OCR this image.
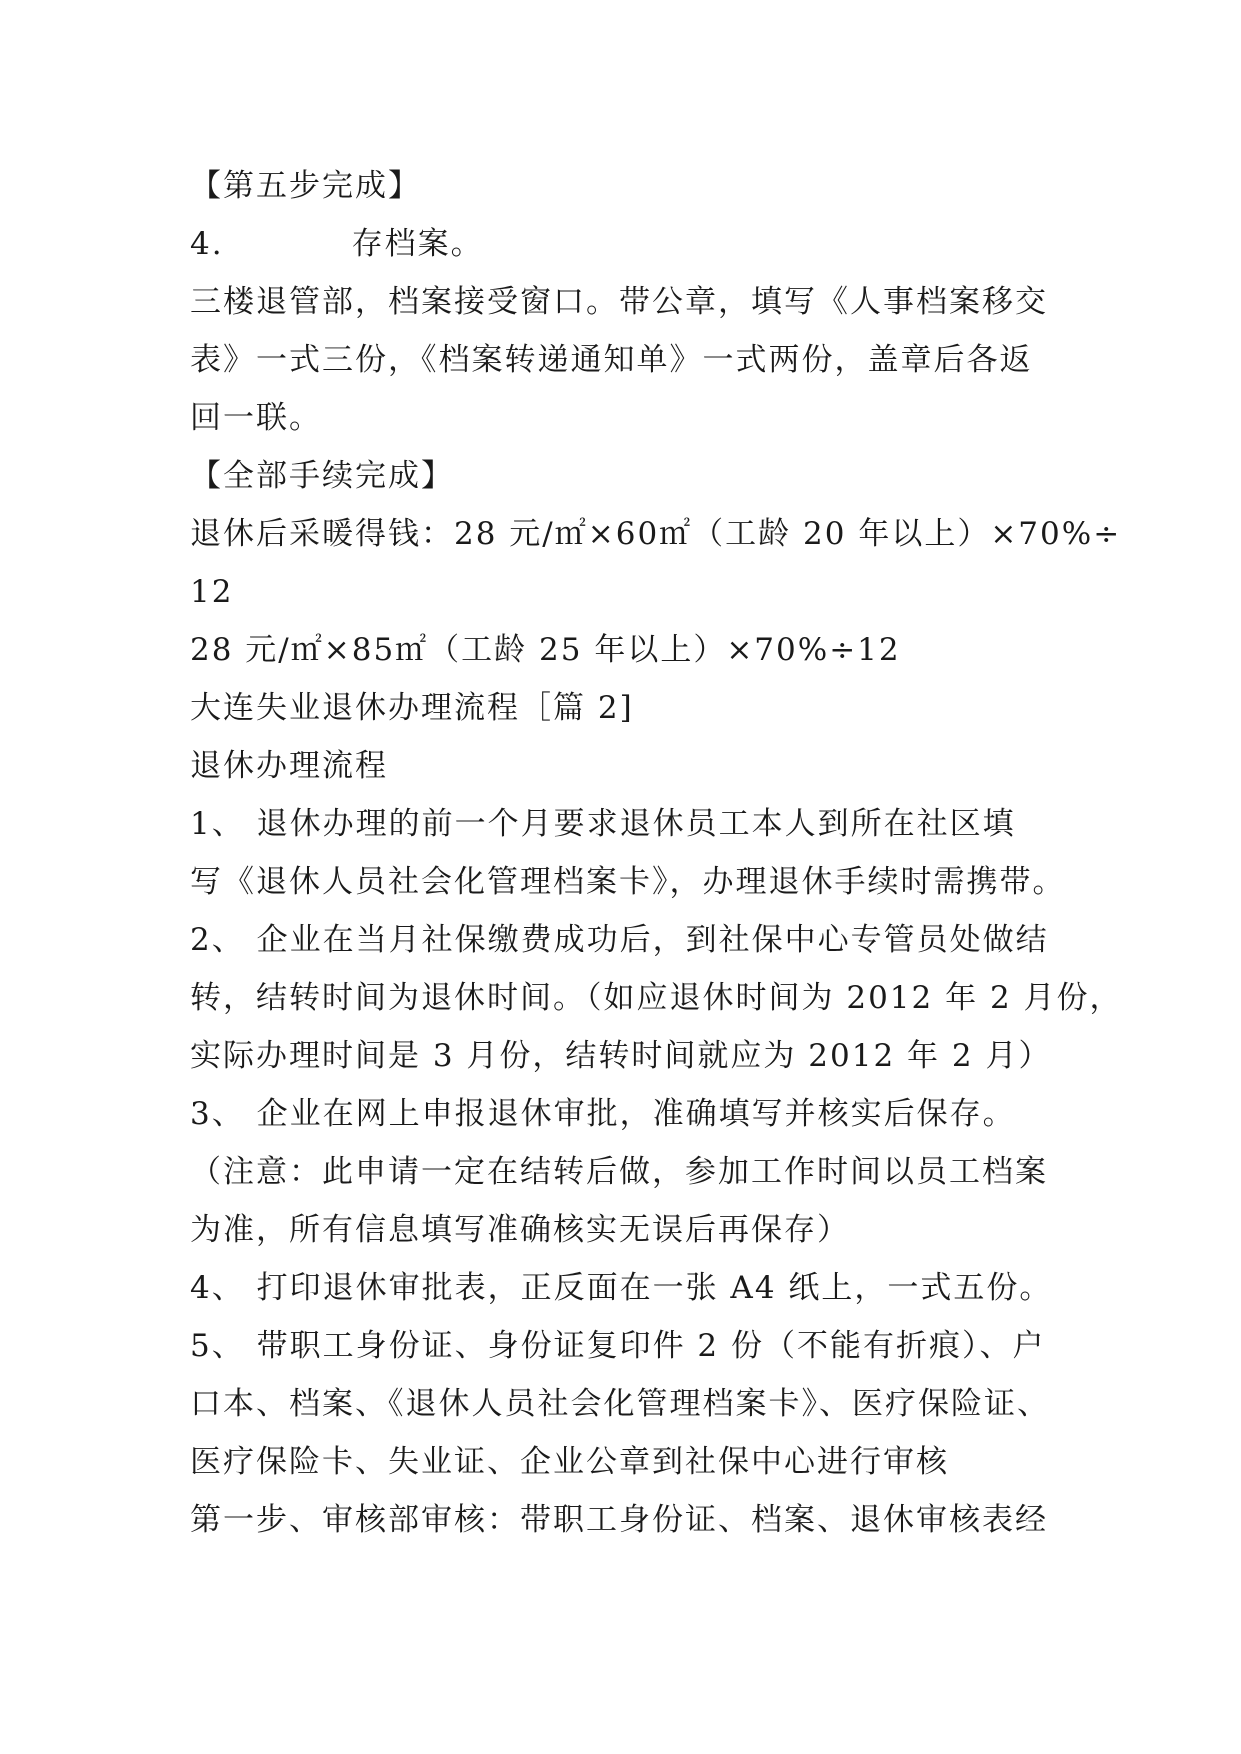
【第五步完成】
4.	存档案。
三楼退管部，档案接受窗口。带公章，填写《人事档案移交
表》一式三份，《档案转递通知单》一式两份，盖章后各返
回一联。
【全部手续完成】
退休后采暖得钱：28 元/㎡×60㎡（工龄 20 年以上）×70%÷
12
28 元/㎡×85㎡（工龄 25 年以上）×70%÷12
大连失业退休办理流程［篇 2]
退休办理流程
1、 退休办理的前一个月要求退休员工本人到所在社区填
写《退休人员社会化管理档案卡》，办理退休手续时需携带。
2、 企业在当月社保缴费成功后，到社保中心专管员处做结
转，结转时间为退休时间。（如应退休时间为 2012 年 2 月份，
实际办理时间是 3 月份，结转时间就应为 2012 年 2 月）
3、 企业在网上申报退休审批，准确填写并核实后保存。
（注意：此申请一定在结转后做，参加工作时间以员工档案
为准，所有信息填写准确核实无误后再保存）
4、 打印退休审批表，正反面在一张 A4 纸上，一式五份。
5、 带职工身份证、身份证复印件 2 份（不能有折痕）、户
口本、档案、《退休人员社会化管理档案卡》、医疗保险证、
医疗保险卡、失业证、企业公章到社保中心进行审核
第一步、审核部审核：带职工身份证、档案、退休审核表经
